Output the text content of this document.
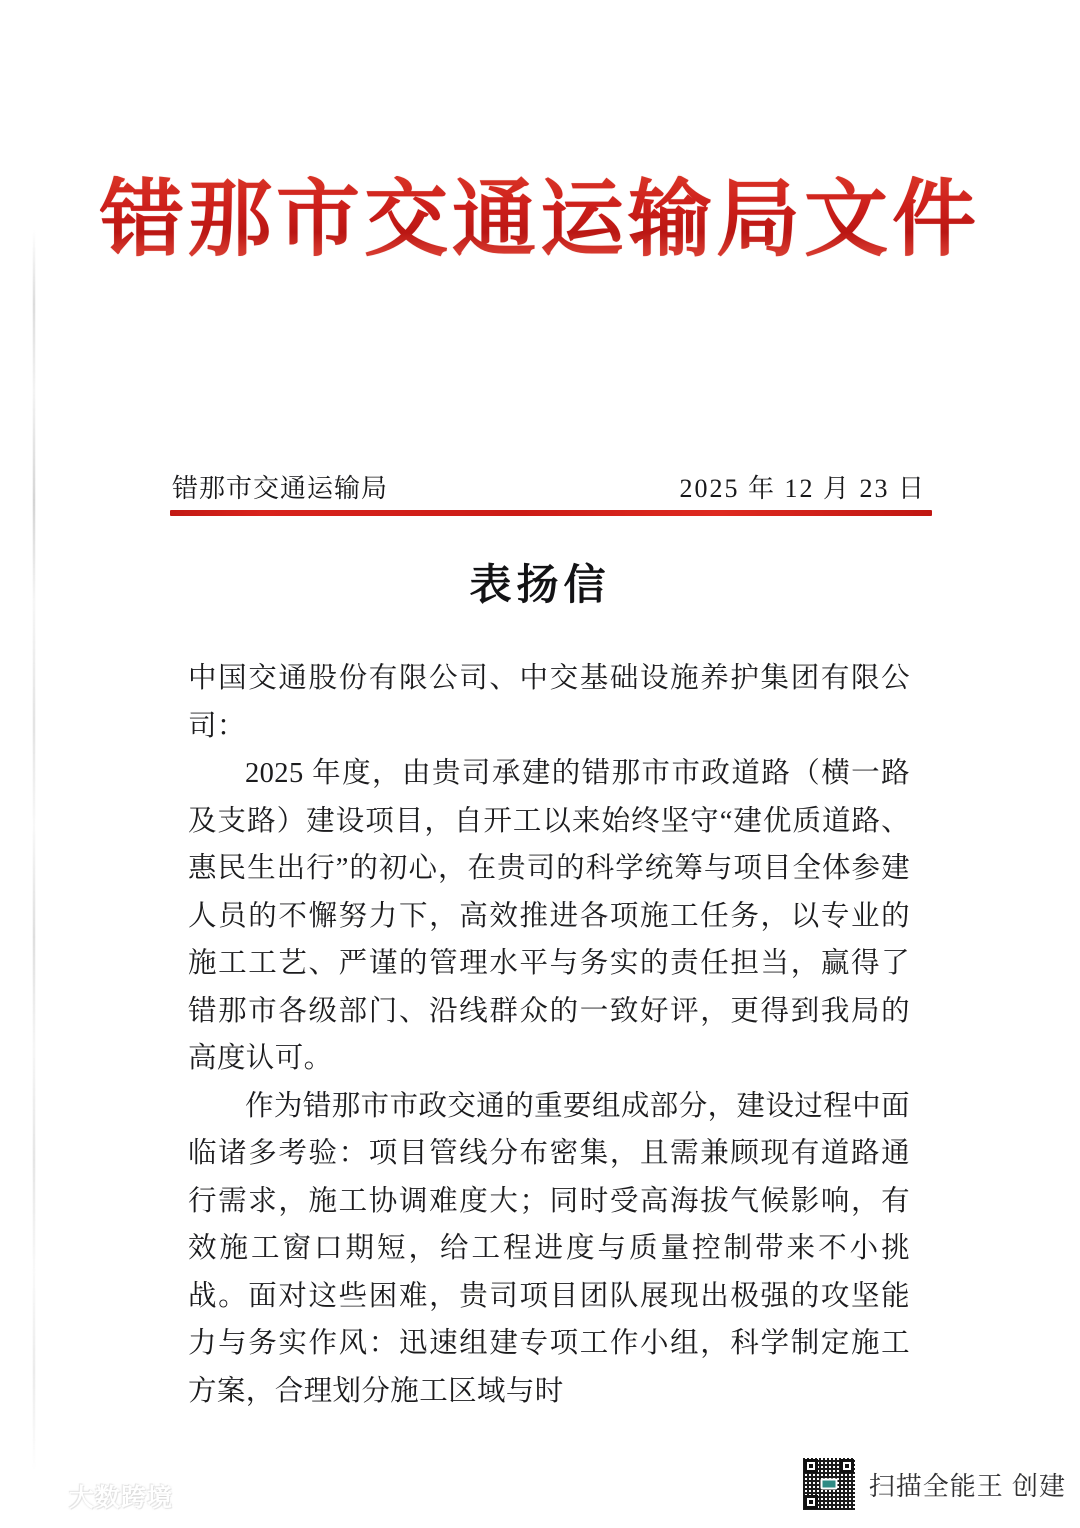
错那市交通运输局文件
错那市交通运输局	2025 年 12 月 23 日
表扬信

中国交通股份有限公司、中交基础设施养护集团有限公司：

2025 年度，由贵司承建的错那市市政道路（横一路及支路）建设项目，自开工以来始终坚守“建优质道路、惠民生出行”的初心，在贵司的科学统筹与项目全体参建人员的不懈努力下，高效推进各项施工任务，以专业的施工工艺、严谨的管理水平与务实的责任担当，赢得了错那市各级部门、沿线群众的一致好评，更得到我局的高度认可。

作为错那市市政交通的重要组成部分，建设过程中面临诸多考验：项目管线分布密集，且需兼顾现有道路通行需求，施工协调难度大；同时受高海拔气候影响，有效施工窗口期短，给工程进度与质量控制带来不小挑战。面对这些困难，贵司项目团队展现出极强的攻坚能力与务实作风：迅速组建专项工作小组，科学制定施工方案，合理划分施工区域与时

大数跨境	扫描全能王 创建
